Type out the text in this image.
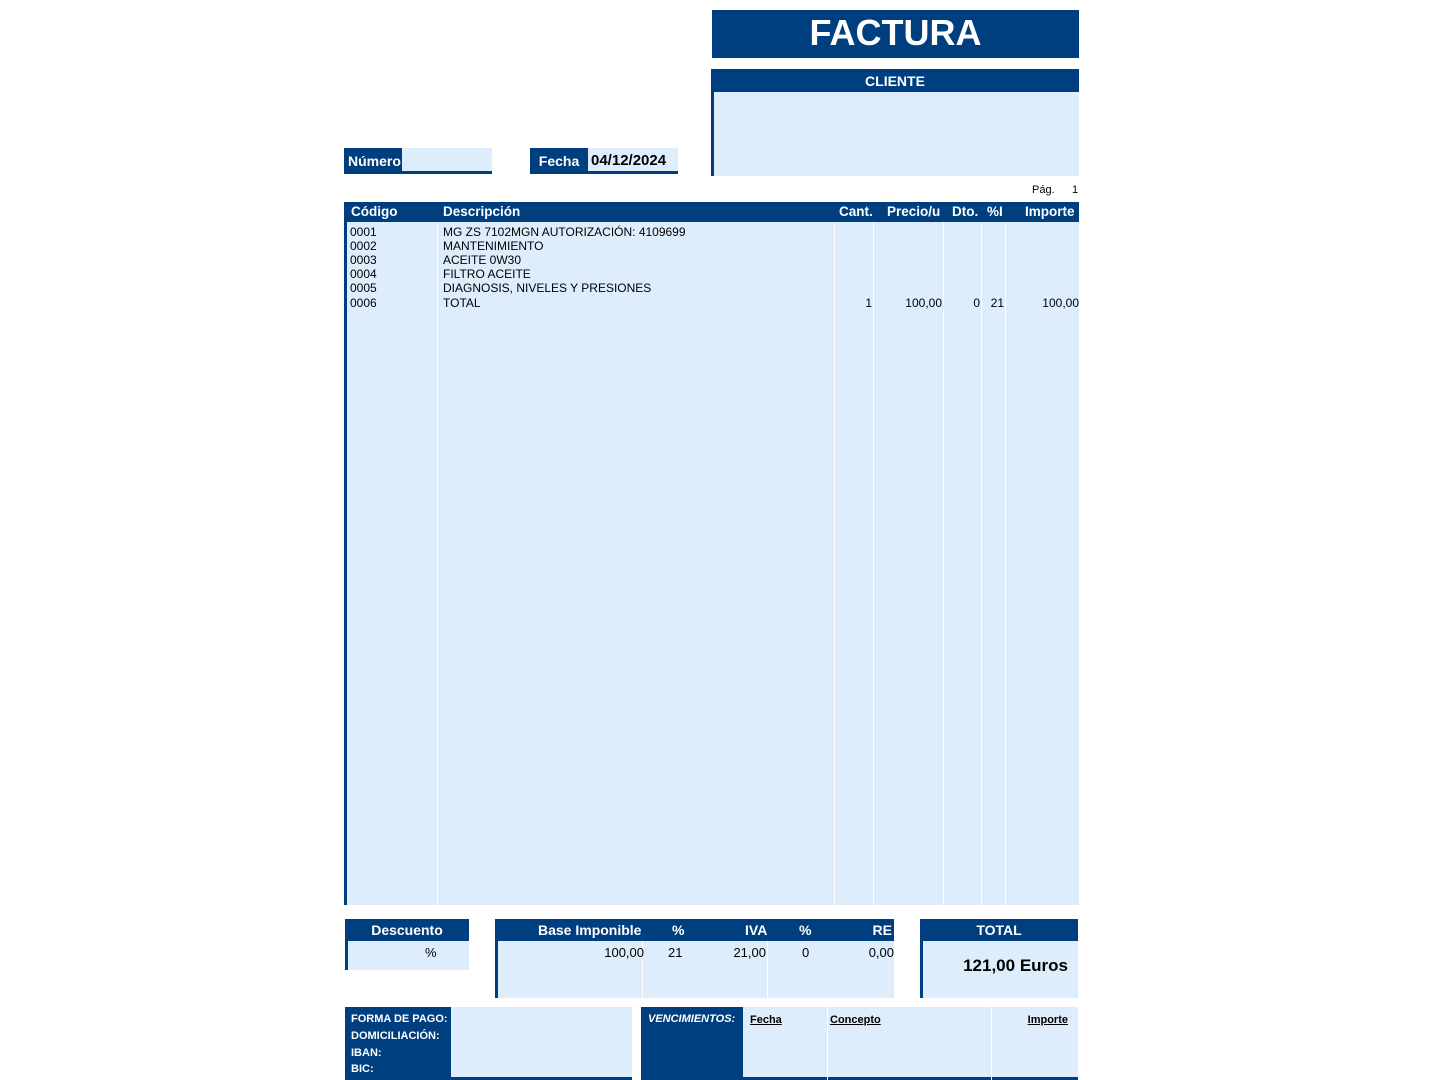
FACTURA
CLIENTE
Número	Fecha 04/12/2024
Pág. 1
Código	Descripción	Cant. Precio/u Dto. %I Importe
0001	MG ZS 7102MGN AUTORIZACIÓN: 4109699
0002	MANTENIMIENTO
0003	ACEITE 0W30
0004	FILTRO ACEITE
0005	DIAGNOSIS, NIVELES Y PRESIONES
0006	TOTAL	1	100,00	0 21	100,00
Descuento
%
Base Imponible %	IVA %	RE
100,00 21	21,00	0	0,00
TOTAL
121,00 Euros
FORMA DE PAGO:
DOMICILIACIÓN:
IBAN:
BIC:
VENCIMIENTOS:	Fecha	Concepto	Importe
